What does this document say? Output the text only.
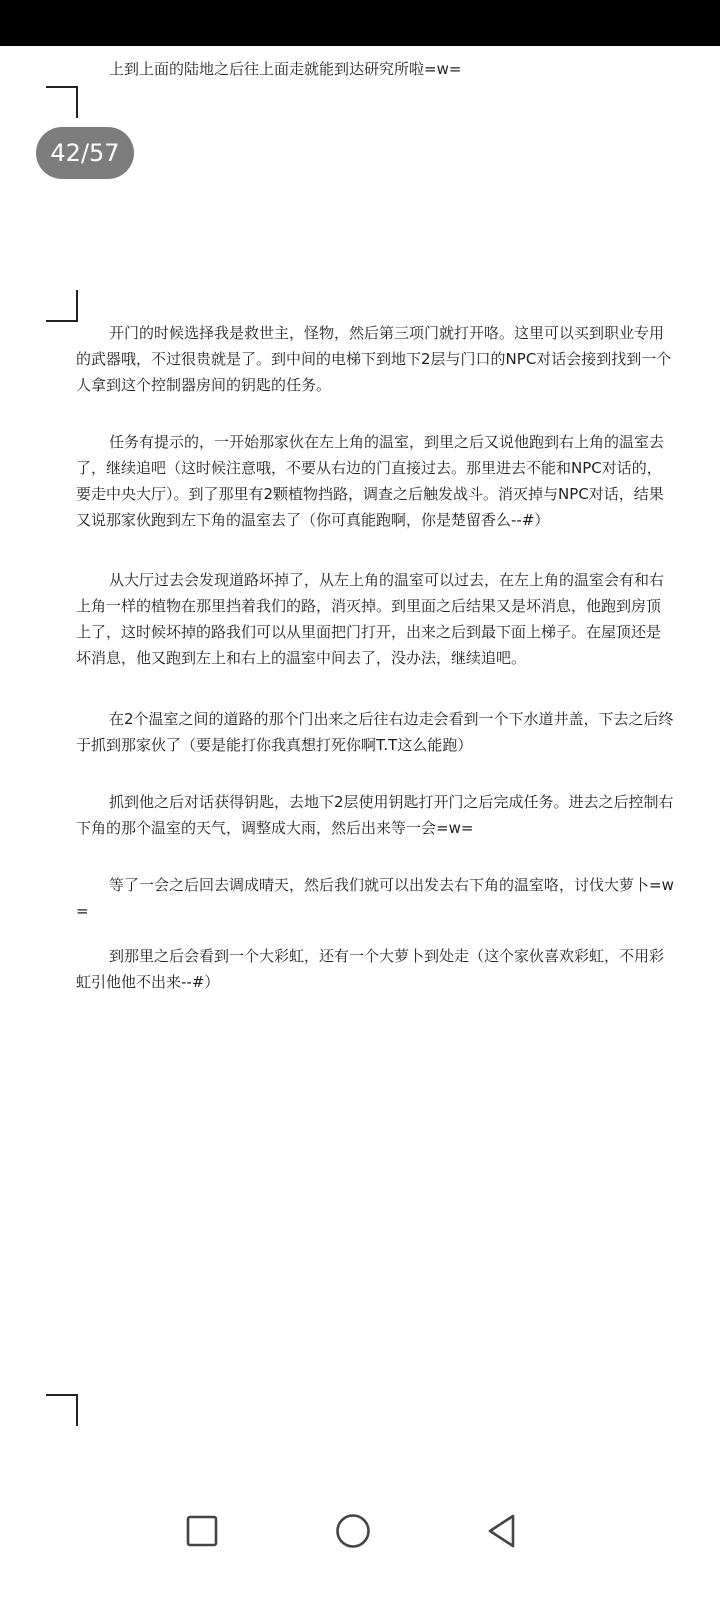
上到上面的陆地之后往上面走就能到达研究所啦=w=

开门的时候选择我是救世主，怪物，然后第三项门就打开咯。这里可以买到职业专用
的武器哦，不过很贵就是了。到中间的电梯下到地下2层与门口的NPC对话会接到找到一个
人拿到这个控制器房间的钥匙的任务。

任务有提示的，一开始那家伙在左上角的温室，到里之后又说他跑到右上角的温室去
了，继续追吧（这时候注意哦，不要从右边的门直接过去。那里进去不能和NPC对话的，
要走中央大厅）。到了那里有2颗植物挡路，调查之后触发战斗。消灭掉与NPC对话，结果
又说那家伙跑到左下角的温室去了（你可真能跑啊，你是楚留香么--#）

从大厅过去会发现道路坏掉了，从左上角的温室可以过去，在左上角的温室会有和右
上角一样的植物在那里挡着我们的路，消灭掉。到里面之后结果又是坏消息，他跑到房顶
上了，这时候坏掉的路我们可以从里面把门打开，出来之后到最下面上梯子。在屋顶还是
坏消息，他又跑到左上和右上的温室中间去了，没办法，继续追吧。

在2个温室之间的道路的那个门出来之后往右边走会看到一个下水道井盖，下去之后终
于抓到那家伙了（要是能打你我真想打死你啊T.T这么能跑）

抓到他之后对话获得钥匙，去地下2层使用钥匙打开门之后完成任务。进去之后控制右
下角的那个温室的天气，调整成大雨，然后出来等一会=w=

等了一会之后回去调成晴天，然后我们就可以出发去右下角的温室咯，讨伐大萝卜=w
=

到那里之后会看到一个大彩虹，还有一个大萝卜到处走（这个家伙喜欢彩虹，不用彩
虹引他他不出来--#）

42/57
